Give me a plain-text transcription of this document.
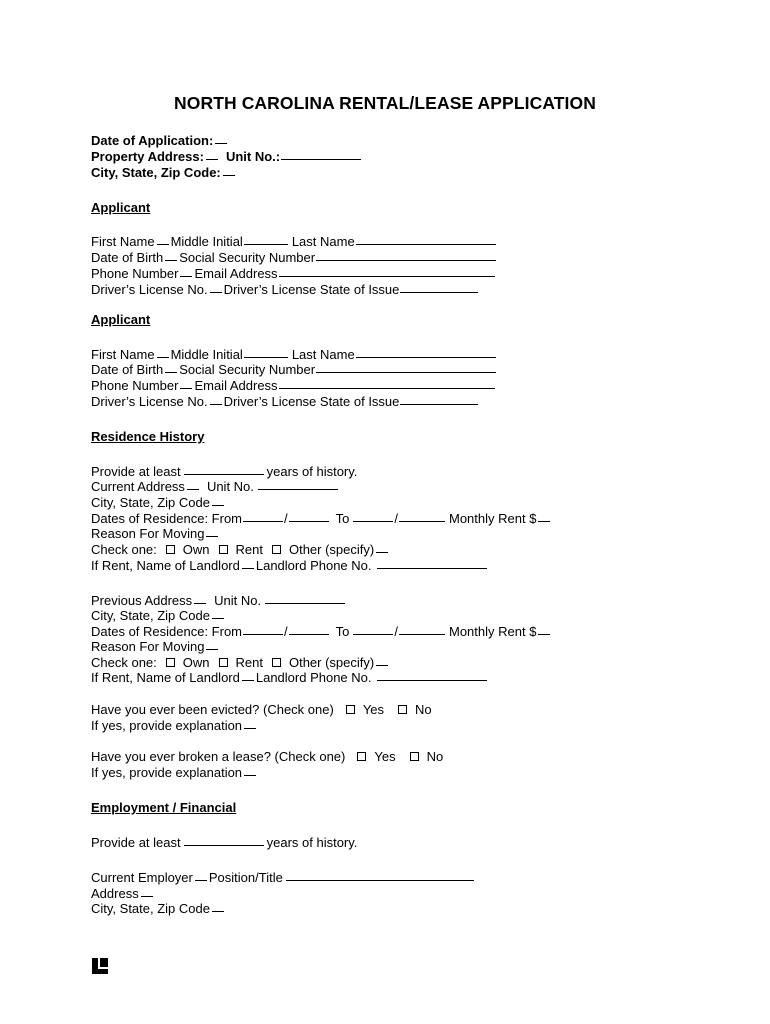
NORTH CAROLINA RENTAL/LEASE APPLICATION
Date of Application:
Property Address: Unit No.:
City, State, Zip Code:
Applicant
First Name Middle Initial	Last Name
Date of Birth Social Security Number
Phone Number Email Address
Driver’s License No. Driver’s License State of Issue
Applicant
First Name Middle Initial	Last Name
Date of Birth Social Security Number
Phone Number Email Address
Driver’s License No. Driver’s License State of Issue
Residence History
Provide at least	years of history.
Current Address Unit No.
City, State, Zip Code
Dates of Residence: From	/	To	/	Monthly Rent $
Reason For Moving
Check one: Own Rent Other (specify)
If Rent, Name of Landlord Landlord Phone No.
Previous Address Unit No.
City, State, Zip Code
Dates of Residence: From	/	To	/	Monthly Rent $
Reason For Moving
Check one: Own Rent Other (specify)
If Rent, Name of Landlord Landlord Phone No.
Have you ever been evicted? (Check one) Yes No
If yes, provide explanation
Have you ever broken a lease? (Check one) Yes No
If yes, provide explanation
Employment / Financial
Provide at least	years of history.
Current Employer Position/Title
Address
City, State, Zip Code
